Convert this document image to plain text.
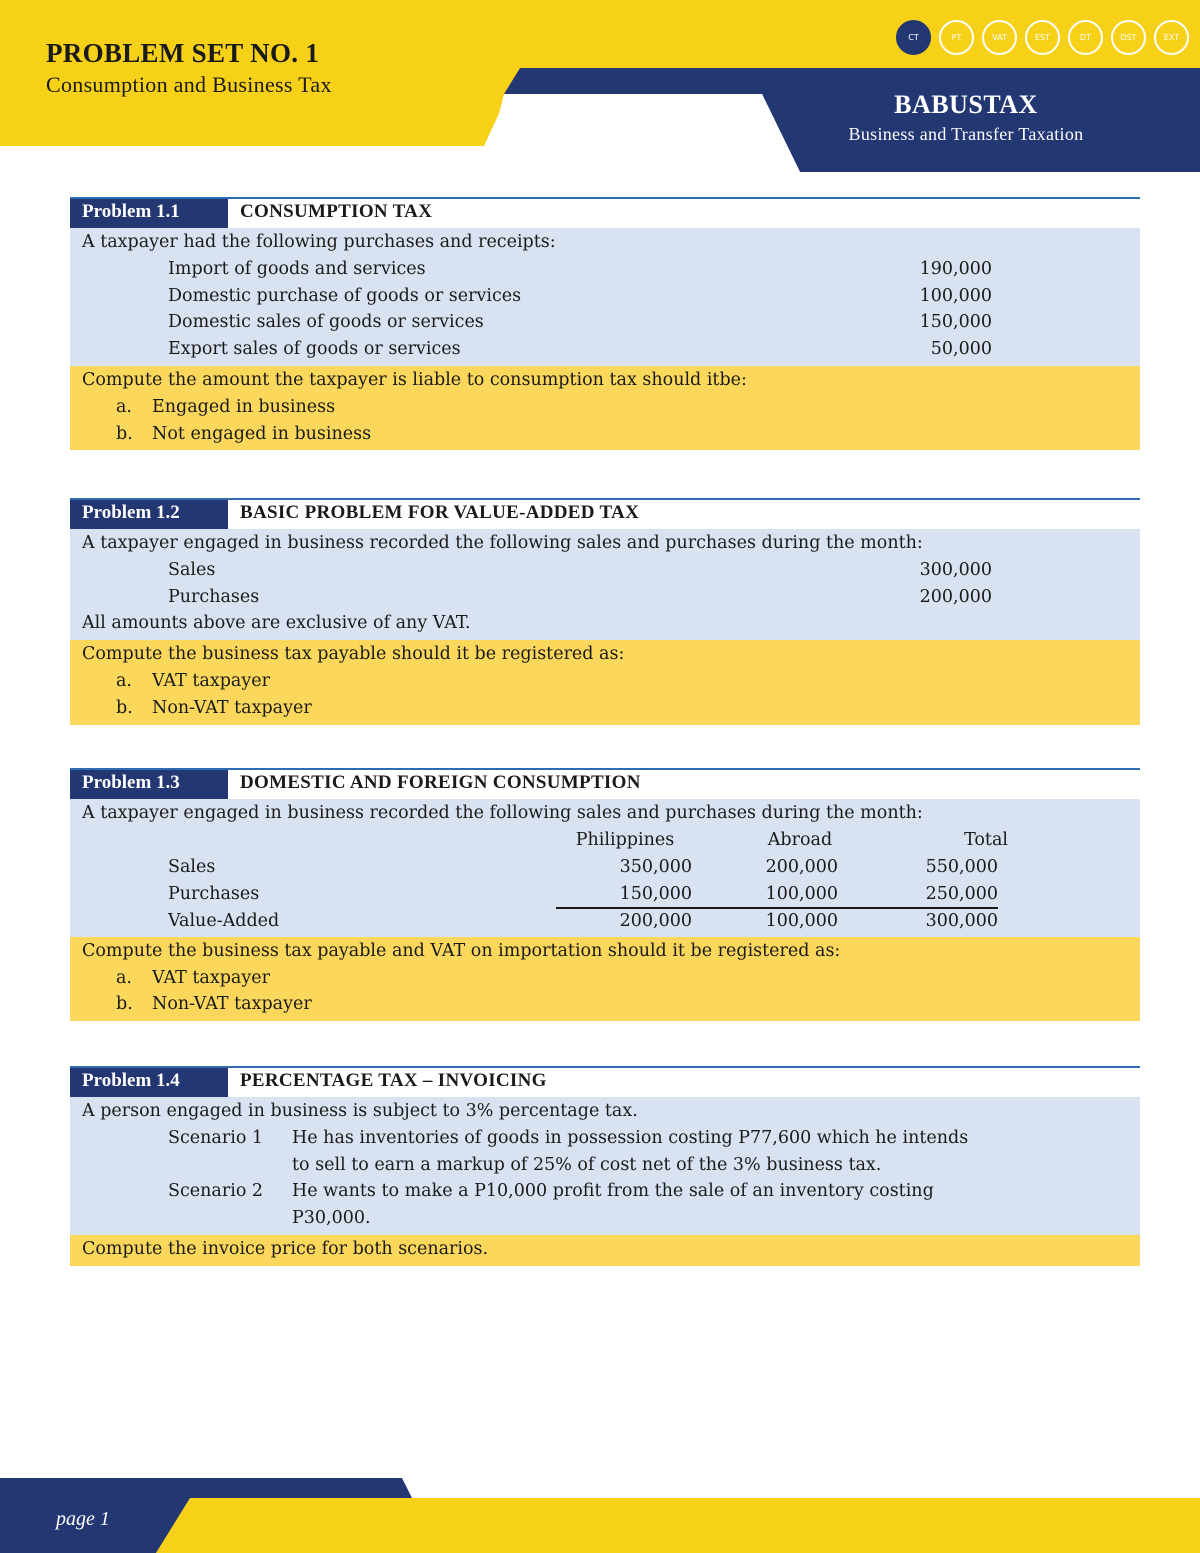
PROBLEM SET NO. 1
Consumption and Business Tax
BABUSTAX
Business and Transfer Taxation
CT	PT	VAT	EST	DT	DST	EXT
Problem 1.1	CONSUMPTION TAX
A taxpayer had the following purchases and receipts:
Import of goods and services	190,000
Domestic purchase of goods or services	100,000
Domestic sales of goods or services	150,000
Export sales of goods or services	50,000
Compute the amount the taxpayer is liable to consumption tax should itbe:
a.	Engaged in business
b.	Not engaged in business
Problem 1.2	BASIC PROBLEM FOR VALUE-ADDED TAX
A taxpayer engaged in business recorded the following sales and purchases during the month:
Sales	300,000
Purchases	200,000
All amounts above are exclusive of any VAT.
Compute the business tax payable should it be registered as:
a.	VAT taxpayer
b.	Non-VAT taxpayer
Problem 1.3	DOMESTIC AND FOREIGN CONSUMPTION
A taxpayer engaged in business recorded the following sales and purchases during the month:
Philippines	Abroad	Total
Sales	350,000	200,000	550,000
Purchases	150,000	100,000	250,000
Value-Added	200,000	100,000	300,000
Compute the business tax payable and VAT on importation should it be registered as:
a.	VAT taxpayer
b.	Non-VAT taxpayer
Problem 1.4	PERCENTAGE TAX – INVOICING
A person engaged in business is subject to 3% percentage tax.
Scenario 1	He has inventories of goods in possession costing P77,600 which he intends
to sell to earn a markup of 25% of cost net of the 3% business tax.
Scenario 2	He wants to make a P10,000 profit from the sale of an inventory costing
P30,000.
Compute the invoice price for both scenarios.
page 1
